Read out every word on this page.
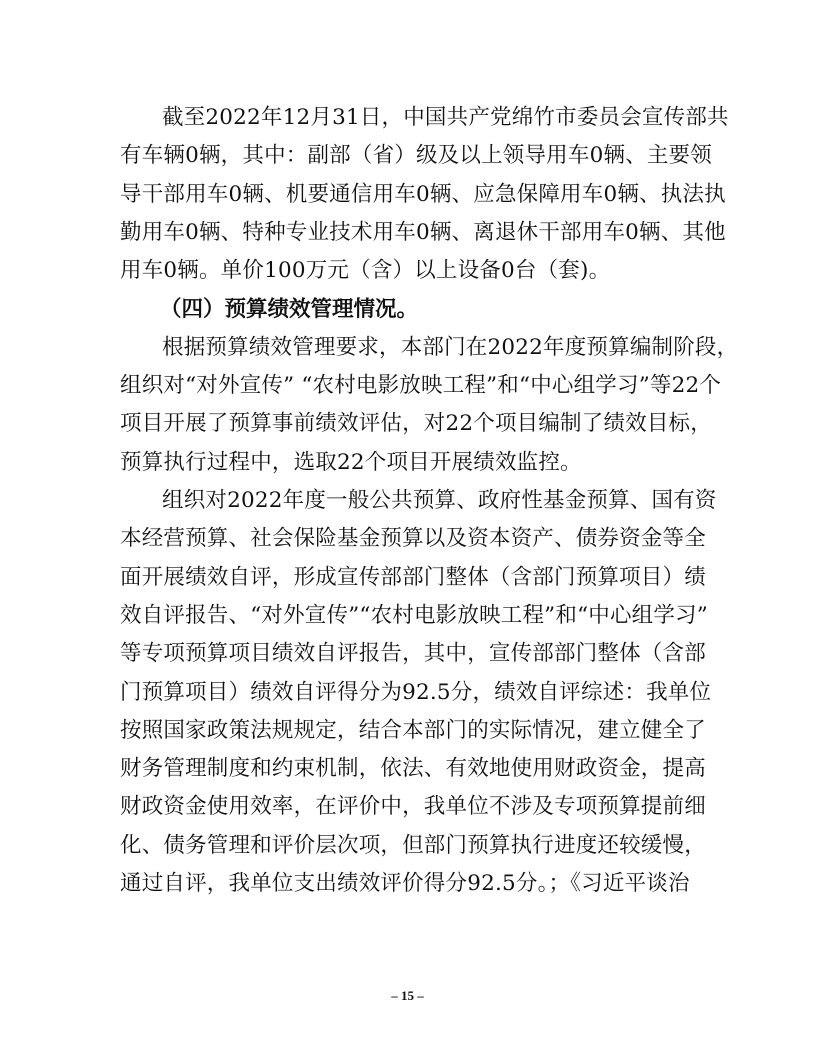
截至2022年12月31日，中国共产党绵竹市委员会宣传部共

有车辆0辆，其中：副部（省）级及以上领导用车0辆、主要领

导干部用车0辆、机要通信用车0辆、应急保障用车0辆、执法执

勤用车0辆、特种专业技术用车0辆、离退休干部用车0辆、其他

用车0辆。单价100万元（含）以上设备0台（套)。

（四）预算绩效管理情况。

根据预算绩效管理要求，本部门在2022年度预算编制阶段，

组织对“对外宣传” “农村电影放映工程”和“中心组学习”等22个

项目开展了预算事前绩效评估，对22个项目编制了绩效目标，

预算执行过程中，选取22个项目开展绩效监控。

组织对2022年度一般公共预算、政府性基金预算、国有资

本经营预算、社会保险基金预算以及资本资产、债券资金等全

面开展绩效自评，形成宣传部部门整体（含部门预算项目）绩

效自评报告、“对外宣传”“农村电影放映工程”和“中心组学习”

等专项预算项目绩效自评报告，其中，宣传部部门整体（含部

门预算项目）绩效自评得分为92.5分，绩效自评综述：我单位

按照国家政策法规规定，结合本部门的实际情况，建立健全了

财务管理制度和约束机制，依法、有效地使用财政资金，提高

财政资金使用效率，在评价中，我单位不涉及专项预算提前细

化、债务管理和评价层次项，但部门预算执行进度还较缓慢，

通过自评，我单位支出绩效评价得分92.5分。；《习近平谈治

– 15 –
